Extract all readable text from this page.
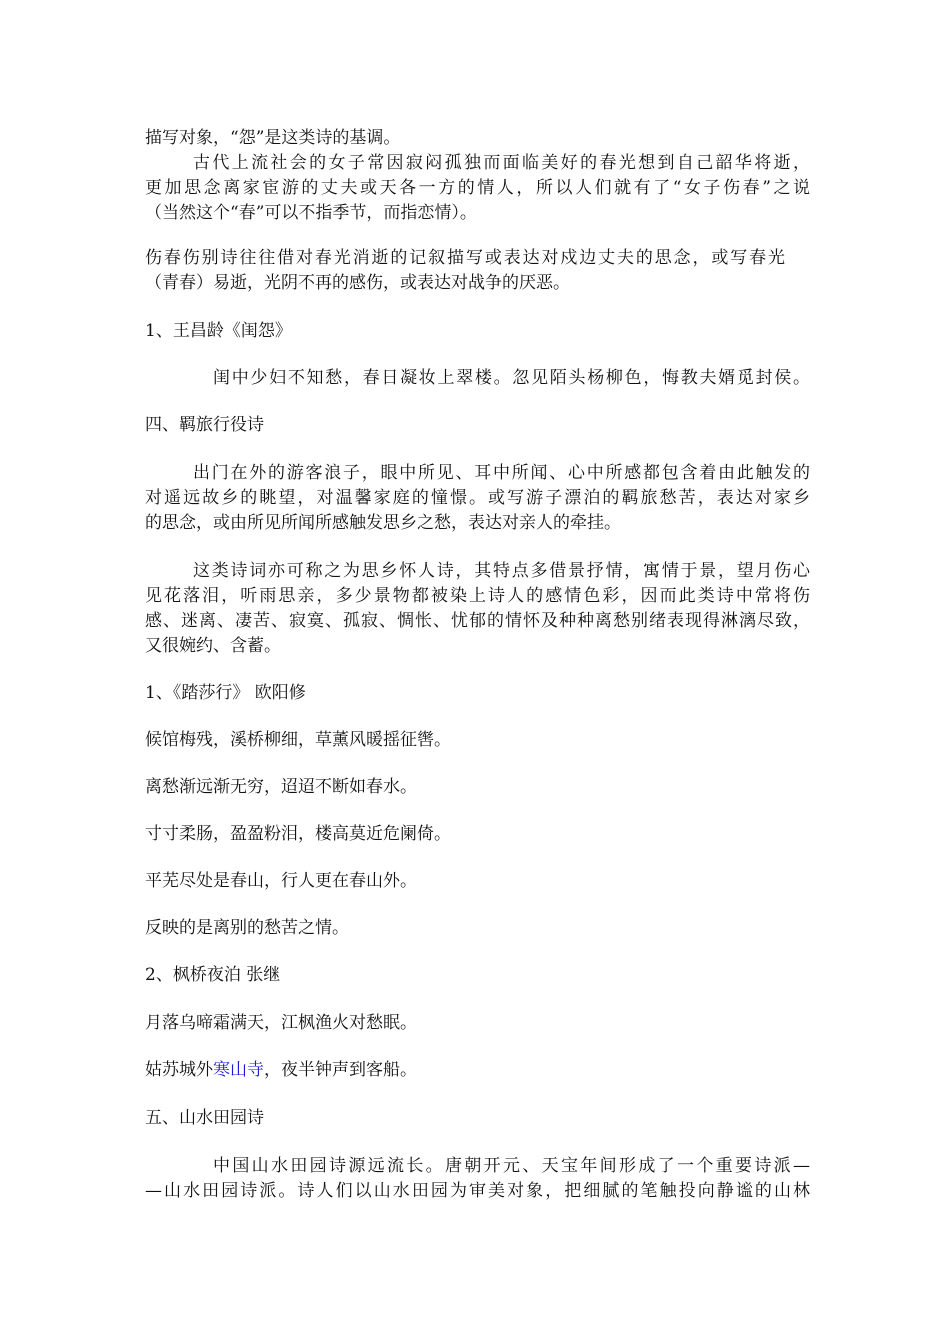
描写对象，“怨”是这类诗的基调。
古代上流社会的女子常因寂闷孤独而面临美好的春光想到自己韶华将逝，
更加思念离家宦游的丈夫或天各一方的情人，所以人们就有了“女子伤春”之说
（当然这个“春”可以不指季节，而指恋情）。
伤春伤别诗往往借对春光消逝的记叙描写或表达对戍边丈夫的思念，或写春光
（青春）易逝，光阴不再的感伤，或表达对战争的厌恶。
1、王昌龄《闺怨》
闺中少妇不知愁，春日凝妆上翠楼。忽见陌头杨柳色，悔教夫婿觅封侯。
四、羁旅行役诗
出门在外的游客浪子，眼中所见、耳中所闻、心中所感都包含着由此触发的
对遥远故乡的眺望，对温馨家庭的憧憬。或写游子漂泊的羁旅愁苦，表达对家乡
的思念，或由所见所闻所感触发思乡之愁，表达对亲人的牵挂。
这类诗词亦可称之为思乡怀人诗，其特点多借景抒情，寓情于景，望月伤心
见花落泪，听雨思亲，多少景物都被染上诗人的感情色彩，因而此类诗中常将伤
感、迷离、凄苦、寂寞、孤寂、惆怅、忧郁的情怀及种种离愁别绪表现得淋漓尽致，
又很婉约、含蓄。
1、《踏莎行》 欧阳修
候馆梅残，溪桥柳细，草薰风暖摇征辔。
离愁渐远渐无穷，迢迢不断如春水。
寸寸柔肠，盈盈粉泪，楼高莫近危阑倚。
平芜尽处是春山，行人更在春山外。
反映的是离别的愁苦之情。
2、枫桥夜泊 张继
月落乌啼霜满天，江枫渔火对愁眠。
姑苏城外寒山寺，夜半钟声到客船。
五、山水田园诗
中国山水田园诗源远流长。唐朝开元、天宝年间形成了一个重要诗派—
—山水田园诗派。诗人们以山水田园为审美对象，把细腻的笔触投向静谧的山林
